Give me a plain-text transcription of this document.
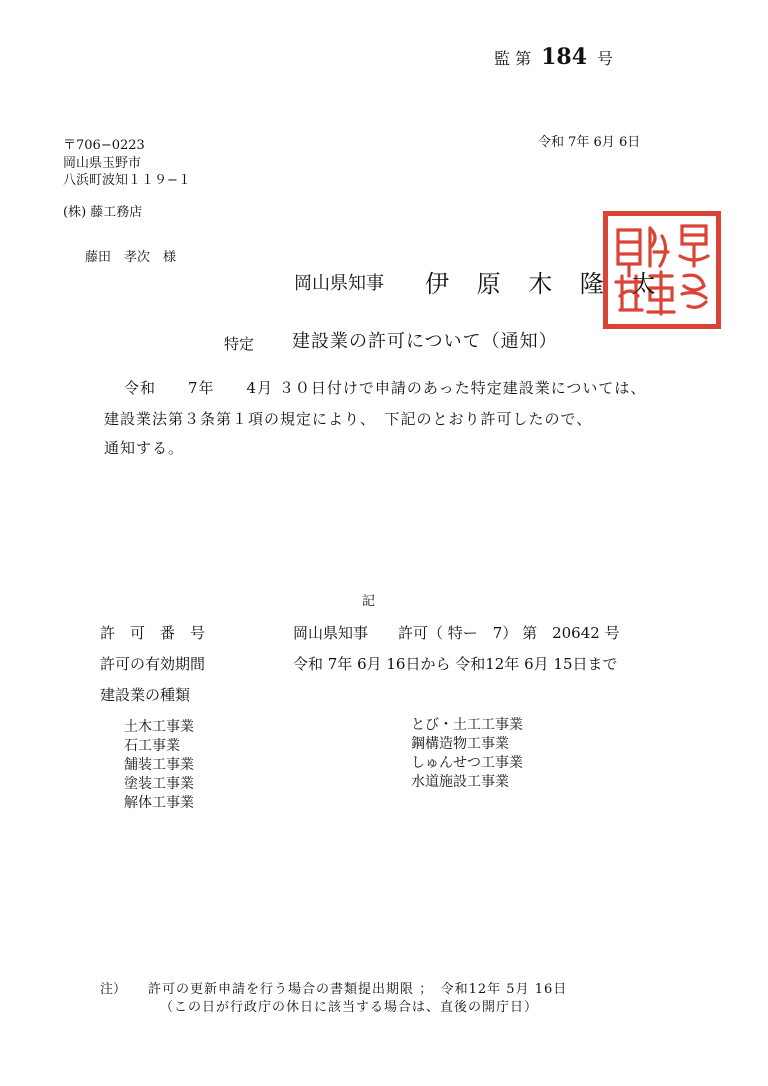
監 第 184 号
令和 7年 6月 6日
〒706−0223
岡山県玉野市
八浜町波知１１９−１
(株) 藤工務店
藤田　孝次　様
岡山県知事 伊 原 木 隆 太
特定 建設業の許可について（通知）
令和　　7年　　4月 ３０日付けで申請のあった特定建設業については、
建設業法第３条第１項の規定により、　下記のとおり許可したので、
通知する。
記
許　可　番　号	岡山県知事　　許可（ 特ー　7） 第　20642 号
許可の有効期間	令和 7年 6月 16日から 令和12年 6月 15日まで
建設業の種類
土木工事業
石工事業
舗装工事業
塗装工事業
解体工事業
とび・土工工事業
鋼構造物工事業
しゅんせつ工事業
水道施設工事業
注） 許可の更新申請を行う場合の書類提出期限 ；　令和12年 5月 16日
（この日が行政庁の休日に該当する場合は、直後の開庁日）
